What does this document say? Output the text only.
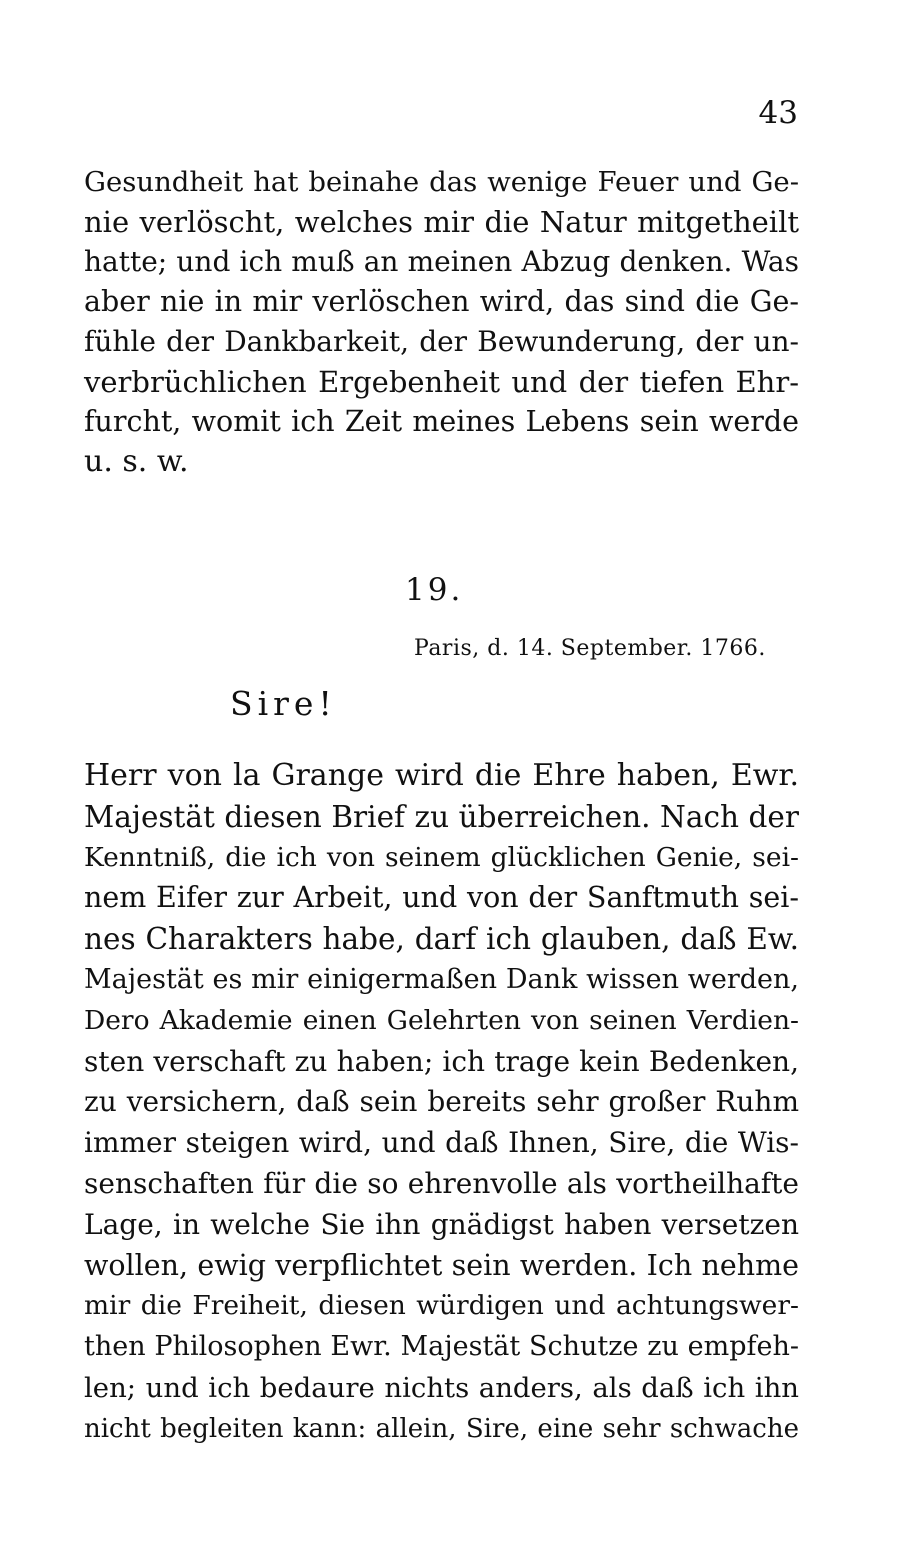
43
Gesundheit hat beinahe das wenige Feuer und Ge-
nie verlöscht, welches mir die Natur mitgetheilt
hatte; und ich muß an meinen Abzug denken. Was
aber nie in mir verlöschen wird, das sind die Ge-
fühle der Dankbarkeit, der Bewunderung, der un-
verbrüchlichen Ergebenheit und der tiefen Ehr-
furcht, womit ich Zeit meines Lebens sein werde
u. s. w.
19.
Paris, d. 14. September. 1766.
Sire!
Herr von la Grange wird die Ehre haben, Ewr.
Majestät diesen Brief zu überreichen. Nach der
Kenntniß, die ich von seinem glücklichen Genie, sei-
nem Eifer zur Arbeit, und von der Sanftmuth sei-
nes Charakters habe, darf ich glauben, daß Ew.
Majestät es mir einigermaßen Dank wissen werden,
Dero Akademie einen Gelehrten von seinen Verdien-
sten verschaft zu haben; ich trage kein Bedenken,
zu versichern, daß sein bereits sehr großer Ruhm
immer steigen wird, und daß Ihnen, Sire, die Wis-
senschaften für die so ehrenvolle als vortheilhafte
Lage, in welche Sie ihn gnädigst haben versetzen
wollen, ewig verpflichtet sein werden. Ich nehme
mir die Freiheit, diesen würdigen und achtungswer-
then Philosophen Ewr. Majestät Schutze zu empfeh-
len; und ich bedaure nichts anders, als daß ich ihn
nicht begleiten kann: allein, Sire, eine sehr schwache
